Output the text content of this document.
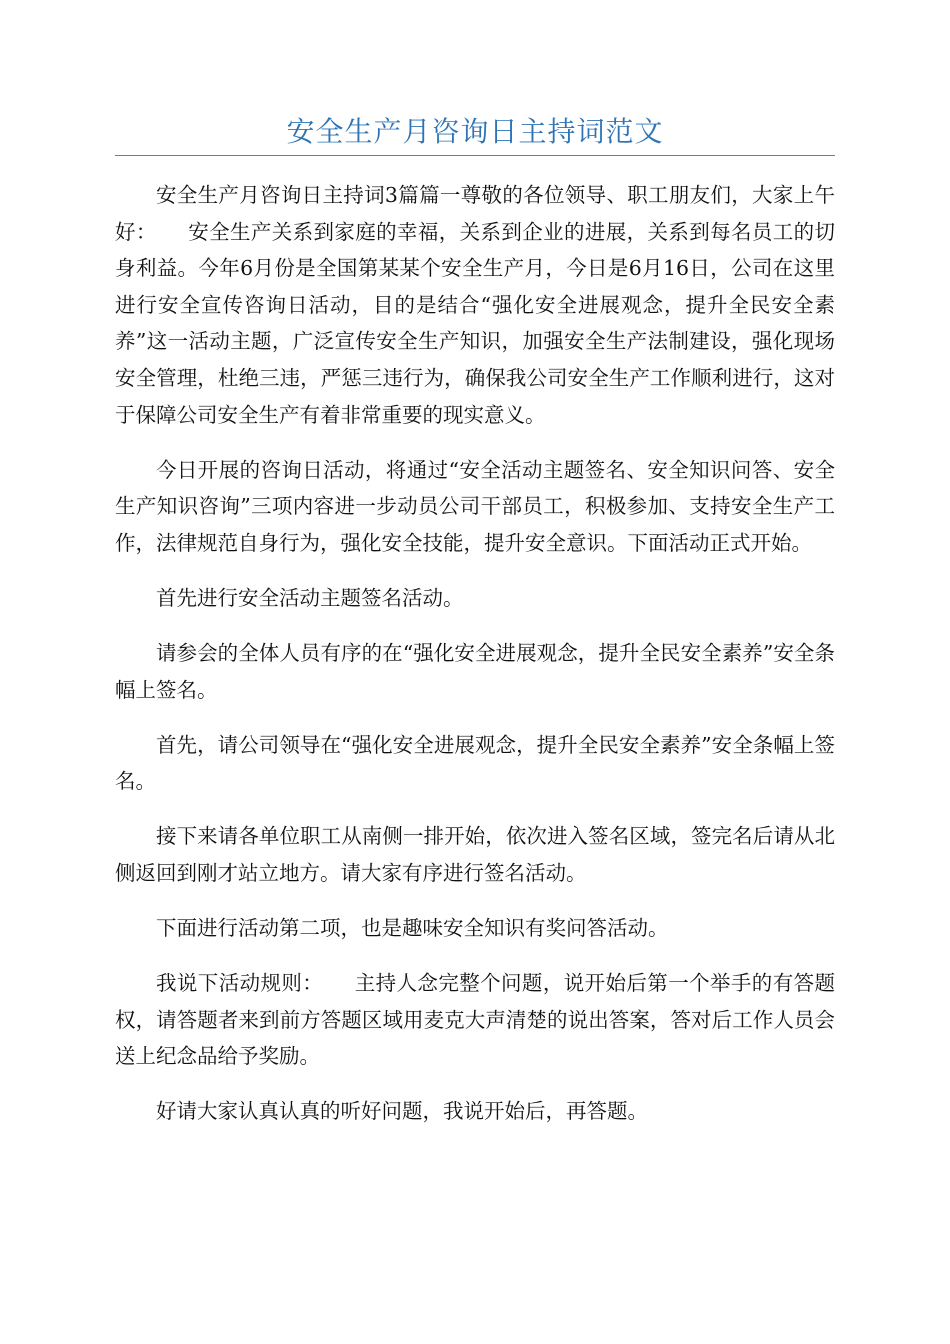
安全生产月咨询日主持词范文

安全生产月咨询日主持词3篇篇一尊敬的各位领导、职工朋友们，大家上午好：　　安全生产关系到家庭的幸福，关系到企业的进展，关系到每名员工的切身利益。今年6月份是全国第某某个安全生产月，今日是6月16日，公司在这里进行安全宣传咨询日活动，目的是结合“强化安全进展观念，提升全民安全素养”这一活动主题，广泛宣传安全生产知识，加强安全生产法制建设，强化现场安全管理，杜绝三违，严惩三违行为，确保我公司安全生产工作顺利进行，这对于保障公司安全生产有着非常重要的现实意义。

今日开展的咨询日活动，将通过“安全活动主题签名、安全知识问答、安全生产知识咨询”三项内容进一步动员公司干部员工，积极参加、支持安全生产工作，法律规范自身行为，强化安全技能，提升安全意识。下面活动正式开始。

首先进行安全活动主题签名活动。

请参会的全体人员有序的在“强化安全进展观念，提升全民安全素养”安全条幅上签名。

首先，请公司领导在“强化安全进展观念，提升全民安全素养”安全条幅上签名。

接下来请各单位职工从南侧一排开始，依次进入签名区域，签完名后请从北侧返回到刚才站立地方。请大家有序进行签名活动。

下面进行活动第二项，也是趣味安全知识有奖问答活动。

我说下活动规则：　　主持人念完整个问题，说开始后第一个举手的有答题权，请答题者来到前方答题区域用麦克大声清楚的说出答案，答对后工作人员会送上纪念品给予奖励。

好请大家认真认真的听好问题，我说开始后，再答题。
